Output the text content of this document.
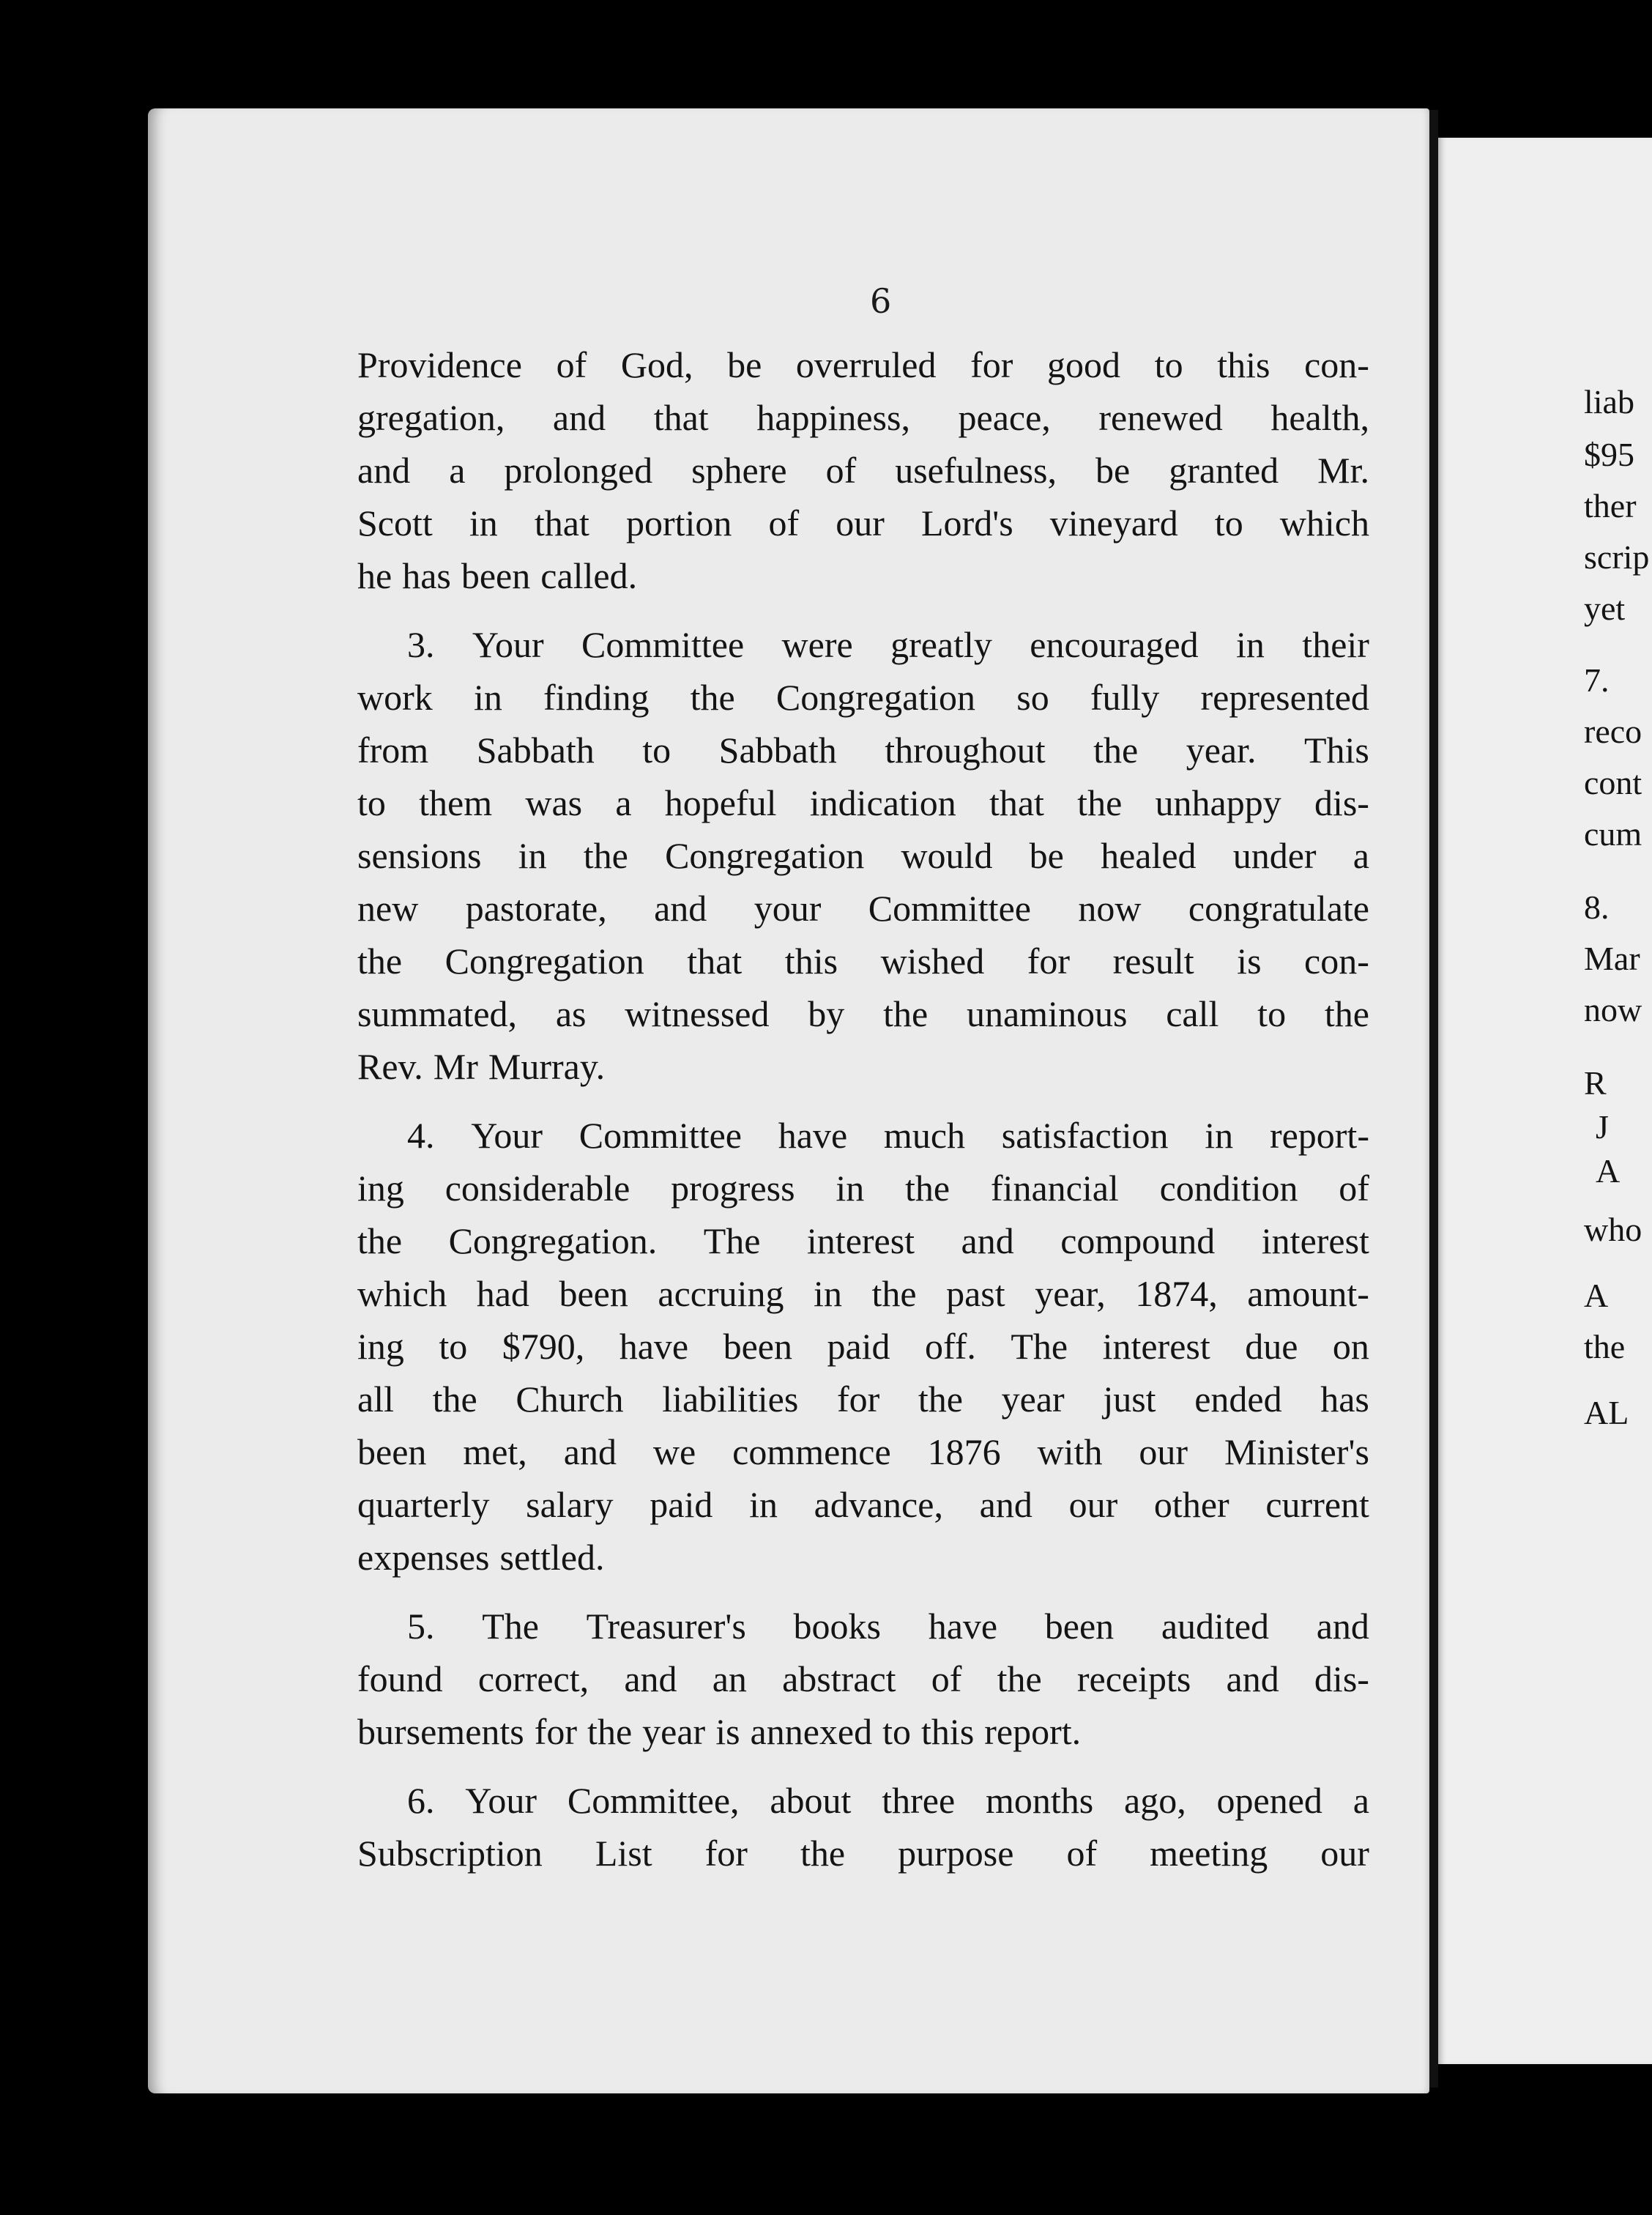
6
Providence of God, be overruled for good to this con-
gregation, and that happiness, peace, renewed health,
and a prolonged sphere of usefulness, be granted Mr.
Scott in that portion of our Lord's vineyard to which
he has been called.
3. Your Committee were greatly encouraged in their
work in finding the Congregation so fully represented
from Sabbath to Sabbath throughout the year. This
to them was a hopeful indication that the unhappy dis-
sensions in the Congregation would be healed under a
new pastorate, and your Committee now congratulate
the Congregation that this wished for result is con-
summated, as witnessed by the unaminous call to the
Rev. Mr Murray.
4. Your Committee have much satisfaction in report-
ing considerable progress in the financial condition of
the Congregation. The interest and compound interest
which had been accruing in the past year, 1874, amount-
ing to $790, have been paid off. The interest due on
all the Church liabilities for the year just ended has
been met, and we commence 1876 with our Minister's
quarterly salary paid in advance, and our other current
expenses settled.
5. The Treasurer's books have been audited and
found correct, and an abstract of the receipts and dis-
bursements for the year is annexed to this report.
6. Your Committee, about three months ago, opened a
Subscription List for the purpose of meeting our
liab
$95
ther
scrip
yet
7.
reco
cont
cum
8.
Mar
now
R
J
A
who
A
the
AL
